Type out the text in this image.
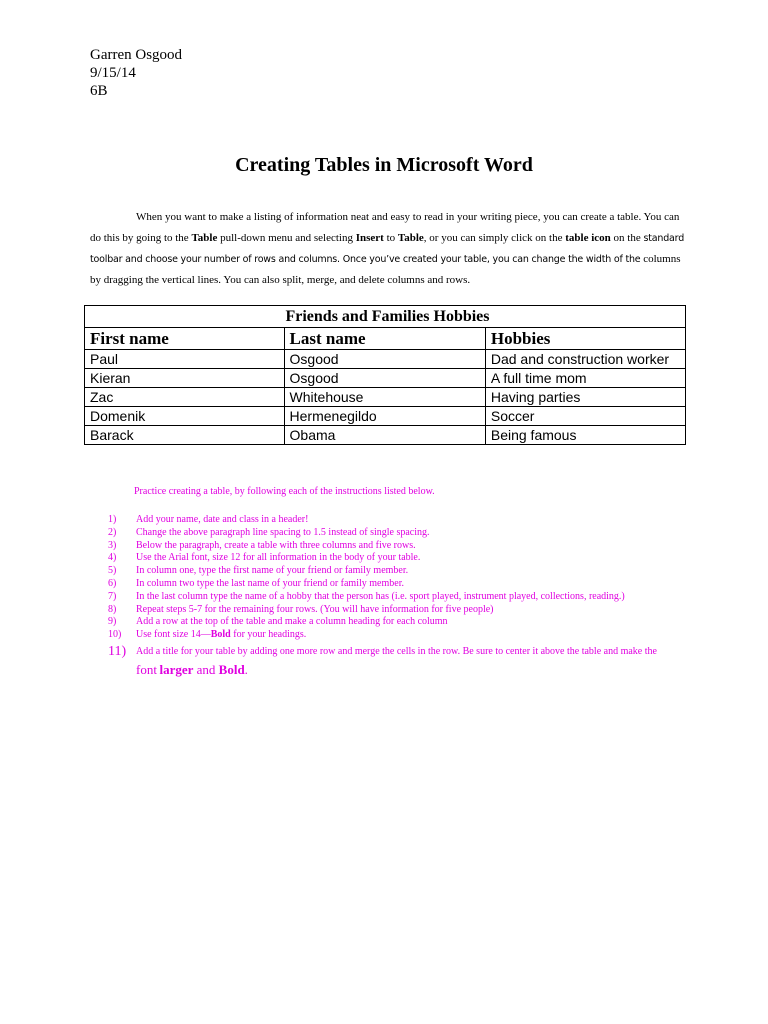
Garren Osgood
9/15/14
6B
Creating Tables in Microsoft Word

When you want to make a listing of information neat and easy to read in your writing piece, you can create a table. You can do this by going to the Table pull-down menu and selecting Insert to Table, or you can simply click on the table icon on the standard toolbar and choose your number of rows and columns. Once you’ve created your table, you can change the width of the columns by dragging the vertical lines. You can also split, merge, and delete columns and rows.

Friends and Families Hobbies		
First name	Last name	Hobbies
Paul	Osgood	Dad and construction worker
Kieran	Osgood	A full time mom
Zac	Whitehouse	Having parties
Domenik	Hermenegildo	Soccer
Barack	Obama	Being famous
Practice creating a table, by following each of the instructions listed below.
1) Add your name, date and class in a header!
2) Change the above paragraph line spacing to 1.5 instead of single spacing.
3) Below the paragraph, create a table with three columns and five rows.
4) Use the Arial font, size 12 for all information in the body of your table.
5) In column one, type the first name of your friend or family member.
6) In column two type the last name of your friend or family member.
7) In the last column type the name of a hobby that the person has (i.e. sport played, instrument played, collections, reading.)
8) Repeat steps 5-7 for the remaining four rows. (You will have information for five people)
9) Add a row at the top of the table and make a column heading for each column
10) Use font size 14—Bold for your headings.
11) Add a title for your table by adding one more row and merge the cells in the row. Be sure to center it above the table and make the font larger and Bold.
